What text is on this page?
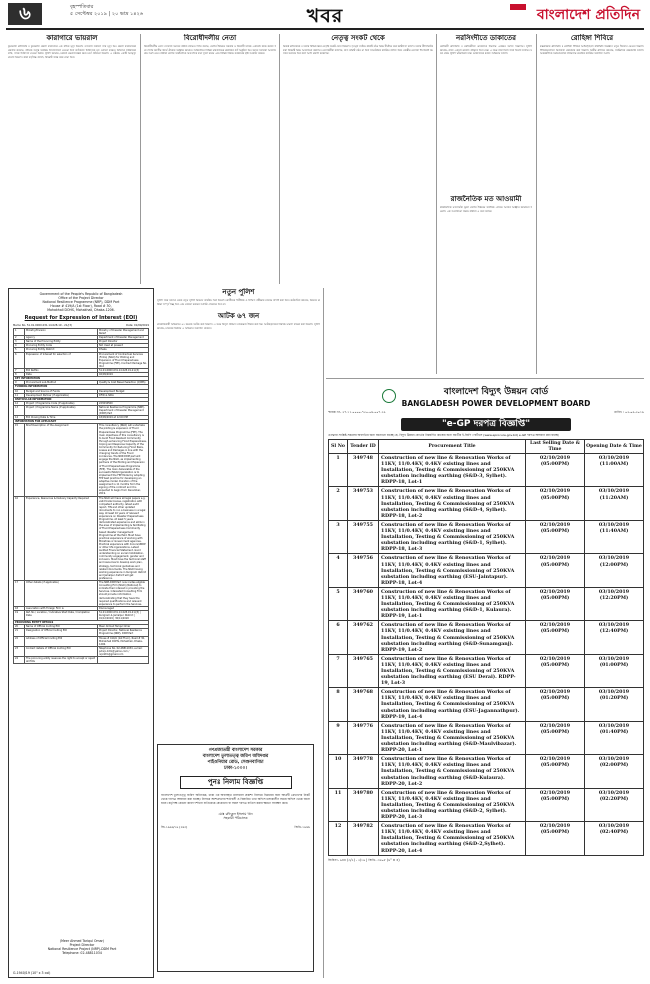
৬	বৃহস্পতিবার
৫ সেপ্টেম্বর ২০১৯ | ২০ ভাদ্র ১৪২৬	খবর	বাংলাদেশ প্রতিদিন
কারাগারে ভায়রাল
চুয়াডাঙ্গা প্রতিনিধি ॥ চুয়াডাঙ্গা জেলা কারাগারে এক বন্দির মৃত্যু হয়েছে। গতকাল সকালে তার মৃত্যু হয়। জেলা কারাগারের জেলার জানান, বন্দিকে অসুস্থ অবস্থায় হাসপাতালে নেওয়া হলে কর্তব্যরত চিকিৎসক মৃত ঘোষণা করেন। নিহতের পরিবারের দাবি, তাকে চিকিৎসা দেওয়া হয়নি। পুলিশ জানায়, মরদেহ ময়নাতদন্তের জন্য মর্গে পাঠানো হয়েছে। এ ঘটনায় একটি অপমৃত্যু মামলা হয়েছে। কারা কর্তৃপক্ষ বলছে, বিষয়টি তদন্ত করে দেখা হবে।
বিরোধীদলীয় নেতা
বিরোধীদলীয় নেতা গতকাল সংসদে বক্তব্য রাখেন। তিনি বলেন, দেশের উন্নয়নে সরকার ও বিরোধী দলকে একসঙ্গে কাজ করতে হবে। তিনি জাতীয় স্বার্থে ঐক্যের আহ্বান জানান। অধিবেশনে বিভিন্ন মন্ত্রণালয়ের প্রশ্নোত্তর পর্ব অনুষ্ঠিত হয়। সংসদ সদস্যরা আলোচনায় অংশ নেন। বক্তারা দেশের অর্থনৈতিক অগ্রগতির কথা তুলে ধরেন এবং বিভিন্ন বিষয়ে সরকারের দৃষ্টি আকর্ষণ করেন।
নেতৃত্ব সংকট থেকে
নিজস্ব প্রতিবেদক ॥ দলের বিভিন্ন স্তরে নেতৃত্ব সংকট দেখা দিয়েছে। তৃণমূল পর্যায়ে কমিটি গঠন নিয়ে দীর্ঘদিন ধরে জটিলতা চলছে। দলের নীতিনির্ধারকরা বিষয়টি নিয়ে আলোচনা করছেন। নেতাকর্মীরা বলছেন, দ্রুত কমিটি গঠন না হলে সাংগঠনিক কার্যক্রম ব্যাহত হবে। কেন্দ্রীয় নেতারা শিগগিরই সমস্যার সমাধান হবে বলে আশা প্রকাশ করেছেন।
নরসিংদীতে ডাকাতের
নরসিংদী প্রতিনিধি ॥ নরসিংদীতে ডাকাতের হামলায় একজন আহত হয়েছেন। পুলিশ জানায়, রাতে একদল ডাকাত বাড়িতে হানা দেয়। এ সময় বাধা দিলে তারা হামলা চালায়। খবর পেয়ে পুলিশ ঘটনাস্থলে যায়। ডাকাতদের ধরতে অভিযান চলছে।
রাজনৈতিক মত আওয়ামী
রাজনৈতিক মতপার্থক্য ভুলে দেশের উন্নয়নে সবাইকে এগিয়ে আসার আহ্বান জানানো হয়েছে। এক আলোচনা সভায় বক্তারা এ কথা বলেন।
রোহিঙ্গা শিবিরে
কক্সবাজার প্রতিনিধি ॥ রোহিঙ্গা শিবিরে আইনশৃঙ্খলা পরিস্থিতি নিয়ন্ত্রণে নতুন উদ্যোগ নেওয়া হয়েছে। শিবিরগুলোতে নিরাপত্তা জোরদার করা হয়েছে। স্থানীয় প্রশাসন জানায়, সার্বক্ষণিক নজরদারি চলছে। আন্তর্জাতিক সংস্থাগুলোর সহায়তায় মানবিক কার্যক্রম অব্যাহত আছে।
Government of the People's Republic of Bangladesh
Office of the Project Director
National Resilience Programme (NRP), DDM Part
House # 419/A (1st Floor), Road # 30,
Mohakhali DOHS, Mohakhali, Dhaka-1206.
Request for Expression of Interest (EOI)
Memo No. 51.01.0000.031.14.028.19 - 21/(3)	Date: 01/09/2019
1	Ministry/Division	Ministry of Disaster Management and Relief
2	Agency	Department of Disaster Management
3	Name of the Procuring Entity	Project Director
4	Procuring Entity Code	Not Used at present
5	Procuring Entity District	Dhaka
6	Expression of Interest for selection of	Procurement of Contractual Services (Firms) (NGO) for Piloting and Expansion of Flood Preparedness Programme (FPP), Contract Package No. ID-2
7	EOI Ref.No	51.01.0000.031.14.028.19-21/(3)
8	Date	02/09/2019
KEY INFORMATION		
9	Procurement sub-Method	Quality & Cost Based Selection (QCBS)
FUNDING INFORMATION		
10	Budget and Source of Funds	Development Budget
11	Development Partner (If applicable)	DFID & SIDA
PARTICULAR INFORMATION		
12	Project / Programme Code (If applicable)	223034500
13	Project / Programme Name (If applicable)	National Resilience Programme (NRP)-Department of Disaster Management (DDM) Part
14	EOI Closing Date & Time	18/09/2019 at 12:00 PM
INFORMATION FOR APPLICANT		
15	Brief Description of the Assignment	This consultancy (NGO) will undertake the piloting & expansion of Flood Preparedness Programme (FPP). The main objectives of this consultancy is to build Flood Resilient Community through enhancing Flood Preparedness, Coping and Response Capacity of the Community for Reducing Flood Risks, Losses and Damages in line with the changing trends of the Flood incidences. The NRP-DDM part will engage the NGO, as implementing partners of the Piloting and Expansion of Flood Preparedness Programme (FPP). The main deliverable of the successful NGO/organization is to implement the FPP Model by adopting FPP best practice for developing an adaptive model. Duration of the assignment is 11 months from the signing of the contract and it is expected to begin from December, 2019.
16	Experience, Resources & Delivery Capacity Required	The NGO will have all legal papers e.g. valid trade license, registration with competent authority, latest audit report, TIN and other updated documents to run a business in a legal way. At least 10 years of relevant experience on Disaster Preparedness Programme. At least 5 years demonstrated experience and skills in the area of implementing & facilitating of Flood Preparedness Community based disaster management Programme at the field. Must have practical experience of working with Ministries or Government agencies. Practical experience with donors/UNDP or other UN organizations. Latest Audited Financial Statement. Good understanding on social mobilization, community engagement, gender and inclusion. Must have the technical staff and resources to develop work plan, strategy, technical guidelines and related documents. The NGO having working experience in Kurigram district and Jamalpur district will get preference.
17	Other details (if applicable)	The NRP-DDM Part now invites eligible Consulting Firm (NGO) (National) to indicate their interest in providing the Services. Interested Consulting Firm should provide information demonstrating that they have the required qualifications and relevant experience to perform the Services.
18	Association with Foreign Firm is	Discouraged
19	Ref. No / Location / Indicative Start Date / Completion Date	51.01.0000.031.14.028.19-21/(3) | Kurigram & Jamalpur District | 01/12/2019 | 30/11/2020
PROCURING ENTITY DETAILS		
20	Name of Official Inviting EOI	Meer Ahmed Tariqul Omar
21	Designation of Official Inviting EOI	Project Director, National Resilience Programme (NRP), DDM Part
22	Address of Official Inviting EOI	House # 419/A (1st Floor), Road # 30, Mohakhali DOHS, Mohakhali, Dhaka-1206.
23	Contact details of Official Inviting EOI	Telephone No. 02-48811034, e-mail: pdnrp.ddm@yahoo.com / nrpddm@gmail.com
24	The procuring entity reserves the right to accept or reject all EOIs	
(Meer Ahmed Tariqul Omar)
Project Director
National Resilience Project (NRP)-DDM Part
Telephone: 02-48811034
G-1940/19 (10" x 3 col)
বাংলাদেশ বিদ্যুৎ উন্নয়ন বোর্ড
BANGLADESH POWER DEVELOPMENT BOARD
স্মারক নং- ২৭.১১.০০০০.৭৫০.০৬.০০৭.১৯	তারিখ : ০২-০৯-২০১৯
"e-GP দরপত্র বিজ্ঞপ্তি"
এতদ্বারা সংশ্লিষ্ট সকলের অবগতির জন্য জানানো যাচ্ছে যে, বিদ্যুৎ উন্নয়ন বোর্ডের নিম্নবর্ণিত কাজের জন্য জাতীয় ই-জিপি পোর্টালে (www.eprocure.gov.bd) e-GP দরপত্র আহবান করা যাচ্ছে।
Sl No	Tender ID	Procurement Title	Last Selling Date & Time	Opening Date & Time
1	349748	Construction of new line & Renovation Works of 11KV, 11/0.4KV, 0.4KV existing lines and Installation, Testing & Commissioning of 250KVA substation including earthing (S&D-3, Sylhet). RDPP-18, Lot-1	02/10/2019 (05:00PM)	03/10/2019 (11:00AM)
2	349753	Construction of new line & Renovation Works of 11KV, 11/0.4KV, 0.4KV existing lines and Installation, Testing & Commissioning of 250KVA substation including earthing (S&D-4, Sylhet). RDPP-18, Lot-2	02/10/2019 (05:00PM)	03/10/2019 (11:20AM)
3	349755	Construction of new line & Renovation Works of 11KV, 11/0.4KV, 0.4KV existing lines and Installation, Testing & Commissioning of 250KVA substation including earthing (S&D-1, Sylhet). RDPP-18, Lot-3	02/10/2019 (05:00PM)	03/10/2019 (11:40AM)
4	349756	Construction of new line & Renovation Works of 11KV, 11/0.4KV, 0.4KV existing lines and Installation, Testing & Commissioning of 250KVA substation including earthing (ESU-Jaintapur). RDPP-18, Lot-4	02/10/2019 (05:00PM)	03/10/2019 (12:00PM)
5	349760	Construction of new line & Renovation Works of 11KV, 11/0.4KV, 0.4KV existing lines and Installation, Testing & Commissioning of 250KVA substation including earthing (S&D-1, Kulaura). RDPP-19, Lot-1	02/10/2019 (05:00PM)	03/10/2019 (12:20PM)
6	349762	Construction of new line & Renovation Works of 11KV, 11/0.4KV, 0.4KV existing lines and Installation, Testing & Commissioning of 250KVA substation including earthing (S&D-Sunamganj). RDPP-19, Lot-2	02/10/2019 (05:00PM)	03/10/2019 (12:40PM)
7	349765	Construction of new line & Renovation Works of 11KV, 11/0.4KV, 0.4KV existing lines and Installation, Testing & Commissioning of 250KVA substation including earthing (ESU Derai). RDPP-19, Lot-3	02/10/2019 (05:00PM)	03/10/2019 (01:00PM)
8	349768	Construction of new line & Renovation Works of 11KV, 11/0.4KV, 0.4KV existing lines and Installation, Testing & Commissioning of 250KVA substation including earthing (ESU-Jagannathpur). RDPP-19, Lot-4	02/10/2019 (05:00PM)	03/10/2019 (01:20PM)
9	349776	Construction of new line & Renovation Works of 11KV, 11/0.4KV, 0.4KV existing lines and Installation, Testing & Commissioning of 250KVA substation including earthing (S&D-Maulvibazar). RDPP-20, Lot-1	02/10/2019 (05:00PM)	03/10/2019 (01:40PM)
10	349778	Construction of new line & Renovation Works of 11KV, 11/0.4KV, 0.4KV existing lines and Installation, Testing & Commissioning of 250KVA substation including earthing (S&D-Kulaura). RDPP-20, Lot-2	02/10/2019 (05:00PM)	03/10/2019 (02:00PM)
11	349780	Construction of new line & Renovation Works of 11KV, 11/0.4KV, 0.4KV existing lines and Installation, Testing & Commissioning of 250KVA substation including earthing (S&D-2, Sylhet). RDPP-20, Lot-3	02/10/2019 (05:00PM)	03/10/2019 (02:20PM)
12	349782	Construction of new line & Renovation Works of 11KV, 11/0.4KV, 0.4KV existing lines and Installation, Testing & Commissioning of 250KVA substation including earthing (S&D-2,Sylhet). RDPP-20, Lot-4	02/10/2019 (05:00PM)	03/10/2019 (02:40PM)
জিবিনং- ৯৪৪ (৩/২) - ২/১৯ | জিডি- ৩৬০৮ (৬" × ৪)
নতুন পুলিশ
পুলিশ সদর দফতর থেকে নতুন পুলিশ নিয়োগ কার্যক্রম শুরু হয়েছে। প্রার্থীদের শারীরিক ও লিখিত পরীক্ষার মাধ্যমে বাছাই করা হবে। কর্মকর্তারা জানান, নিয়োগ প্রক্রিয়া সম্পূর্ণ স্বচ্ছ হবে এবং কোনো ধরনের আর্থিক লেনদেন হবে না।
আটক ৬৭ জন
মাদকবিরোধী অভিযানে ৬৭ জনকে আটক করা হয়েছে। এ সময় বিপুল পরিমাণ মাদকদ্রব্য উদ্ধার করা হয়। আটককৃতদের বিরুদ্ধে মামলা দায়ের করা হয়েছে। পুলিশ জানায়, মাদকের বিরুদ্ধে এ অভিযান অব্যাহত থাকবে।
গণপ্রজাতন্ত্রী বাংলাদেশ সরকার
বাংলাদেশ তুলাতত্ত্ব জরিপ অধিদপ্তর
পাইওনিয়ার রোড, সেগুনবাগিচা
ঢাকা-১০০০।
পুনঃ নিলাম বিজ্ঞপ্তি
বাংলাদেশ তুলাতত্ত্ব জরিপ অধিদপ্তর, ঢাকা এর অব্যবহৃত মালামাল প্রকাশ্য নিলামে বিক্রয়ের জন্য আগ্রহী ক্রেতাদের নিকট থেকে দরপত্র আহবান করা যাচ্ছে। নিলামে অংশগ্রহণের শর্তাবলী ও বিস্তারিত তথ্য অফিস চলাকালীন সময়ে অফিস থেকে জানা যাবে। কর্তৃপক্ষ কোনো কারণ দর্শানো ব্যতিরেকে যেকোনো বা সকল দরপত্র বাতিল করার ক্ষমতা সংরক্ষণ করে।
মোঃ রফিকুল ইসলাম খান
সহকারী পরিচালক
জি-১৯৯৬/১৯ (২x৩)	জিডি-১৯৬৬
